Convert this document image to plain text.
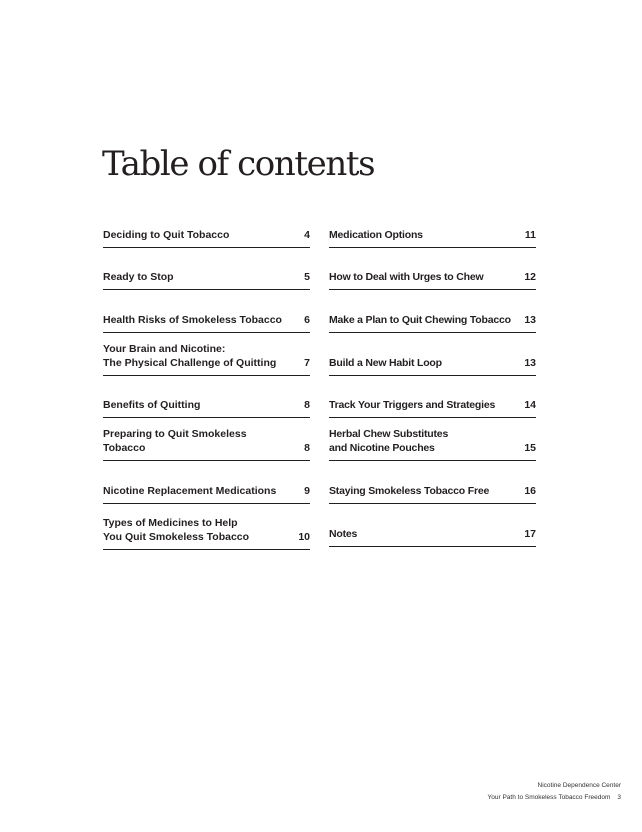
Table of contents
Deciding to Quit Tobacco	4
Ready to Stop	5
Health Risks of Smokeless Tobacco	6
Your Brain and Nicotine:
The Physical Challenge of Quitting	7
Benefits of Quitting	8
Preparing to Quit Smokeless Tobacco	8
Nicotine Replacement Medications	9
Types of Medicines to Help
You Quit Smokeless Tobacco	10
Medication Options	11
How to Deal with Urges to Chew	12
Make a Plan to Quit Chewing Tobacco	13
Build a New Habit Loop	13
Track Your Triggers and Strategies	14
Herbal Chew Substitutes
and Nicotine Pouches	15
Staying Smokeless Tobacco Free	16
Notes	17
Nicotine Dependence Center
Your Path to Smokeless Tobacco Freedom 3
